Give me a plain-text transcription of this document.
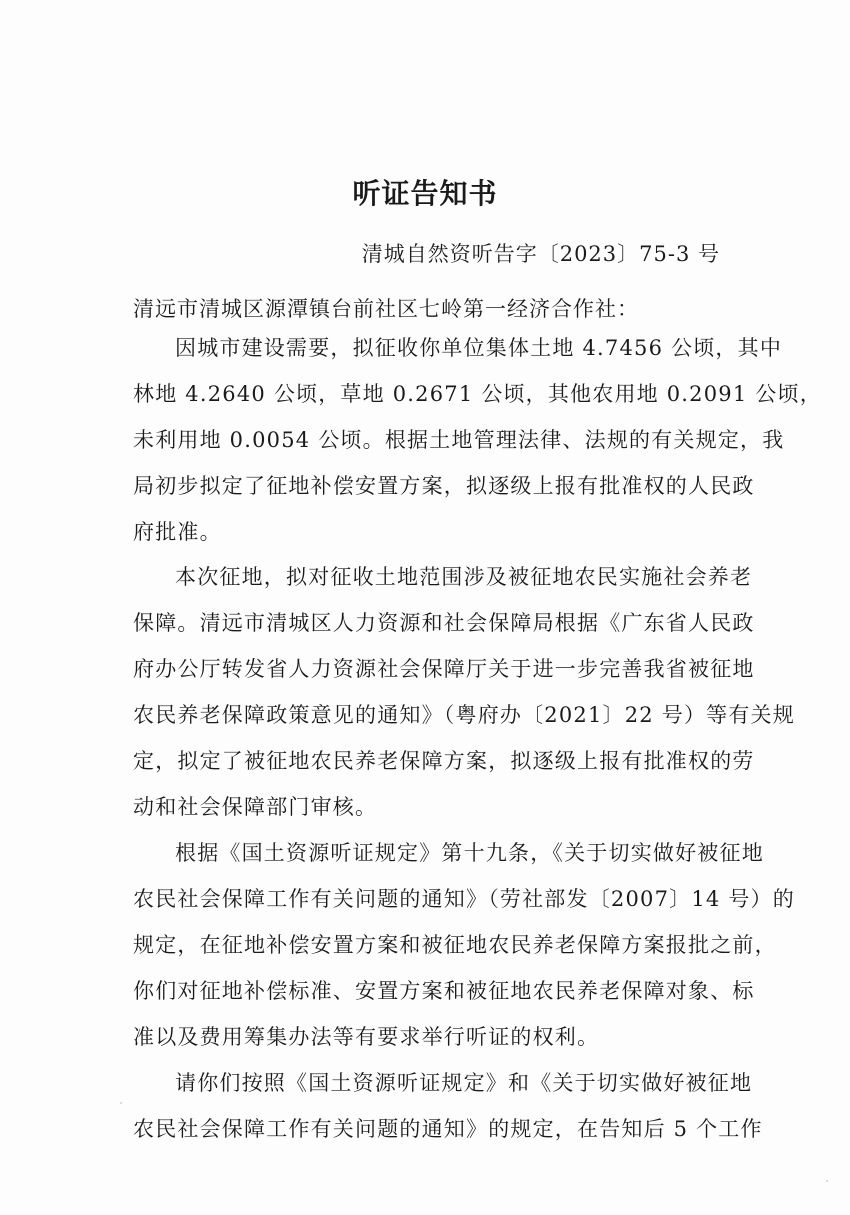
听证告知书
清城自然资听告字〔2023〕75-3 号
清远市清城区源潭镇台前社区七岭第一经济合作社：
因城市建设需要，拟征收你单位集体土地 4.7456 公顷，其中
林地 4.2640 公顷，草地 0.2671 公顷，其他农用地 0.2091 公顷，
未利用地 0.0054 公顷。根据土地管理法律、法规的有关规定，我
局初步拟定了征地补偿安置方案，拟逐级上报有批准权的人民政
府批准。
本次征地，拟对征收土地范围涉及被征地农民实施社会养老
保障。清远市清城区人力资源和社会保障局根据《广东省人民政
府办公厅转发省人力资源社会保障厅关于进一步完善我省被征地
农民养老保障政策意见的通知》（粤府办〔2021〕22 号）等有关规
定，拟定了被征地农民养老保障方案，拟逐级上报有批准权的劳
动和社会保障部门审核。
根据《国土资源听证规定》第十九条，《关于切实做好被征地
农民社会保障工作有关问题的通知》（劳社部发〔2007〕14 号）的
规定，在征地补偿安置方案和被征地农民养老保障方案报批之前，
你们对征地补偿标准、安置方案和被征地农民养老保障对象、标
准以及费用筹集办法等有要求举行听证的权利。
请你们按照《国土资源听证规定》和《关于切实做好被征地
农民社会保障工作有关问题的通知》的规定，在告知后 5 个工作
